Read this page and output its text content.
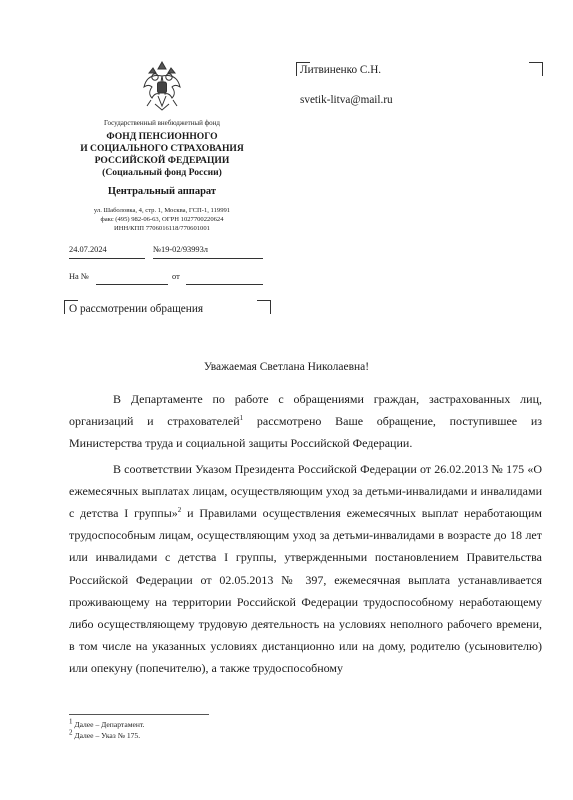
Государственный внебюджетный фонд
ФОНД ПЕНСИОННОГО
И СОЦИАЛЬНОГО СТРАХОВАНИЯ
РОССИЙСКОЙ ФЕДЕРАЦИИ
(Социальный фонд России)
Центральный аппарат
ул. Шаболовка, 4, стр. 1, Москва, ГСП-1, 119991
факс (495) 982-06-63, ОГРН 1027700220624
ИНН/КПП 7706016118/770601001
24.07.2024	№19-02/93993л
На №	от
Литвиненко С.Н.
svetik-litva@mail.ru
О рассмотрении обращения
Уважаемая Светлана Николаевна!

В Департаменте по работе с обращениями граждан, застрахованных лиц, организаций и страхователей$^1$ рассмотрено Ваше обращение, поступившее из Министерства труда и социальной защиты Российской Федерации.

В соответствии Указом Президента Российской Федерации от 26.02.2013 № 175 «О ежемесячных выплатах лицам, осуществляющим уход за детьми-инвалидами и инвалидами с детства I группы»$^2$ и Правилами осуществления ежемесячных выплат неработающим трудоспособным лицам, осуществляющим уход за детьми-инвалидами в возрасте до 18 лет или инвалидами с детства I группы, утвержденными постановлением Правительства Российской Федерации от 02.05.2013 № 397, ежемесячная выплата устанавливается проживающему на территории Российской Федерации трудоспособному неработающему либо осуществляющему трудовую деятельность на условиях неполного рабочего времени, в том числе на указанных условиях дистанционно или на дому, родителю (усыновителю) или опекуну (попечителю), а также трудоспособному

$^1$ Далее – Департамент.
$^2$ Далее – Указ № 175.
